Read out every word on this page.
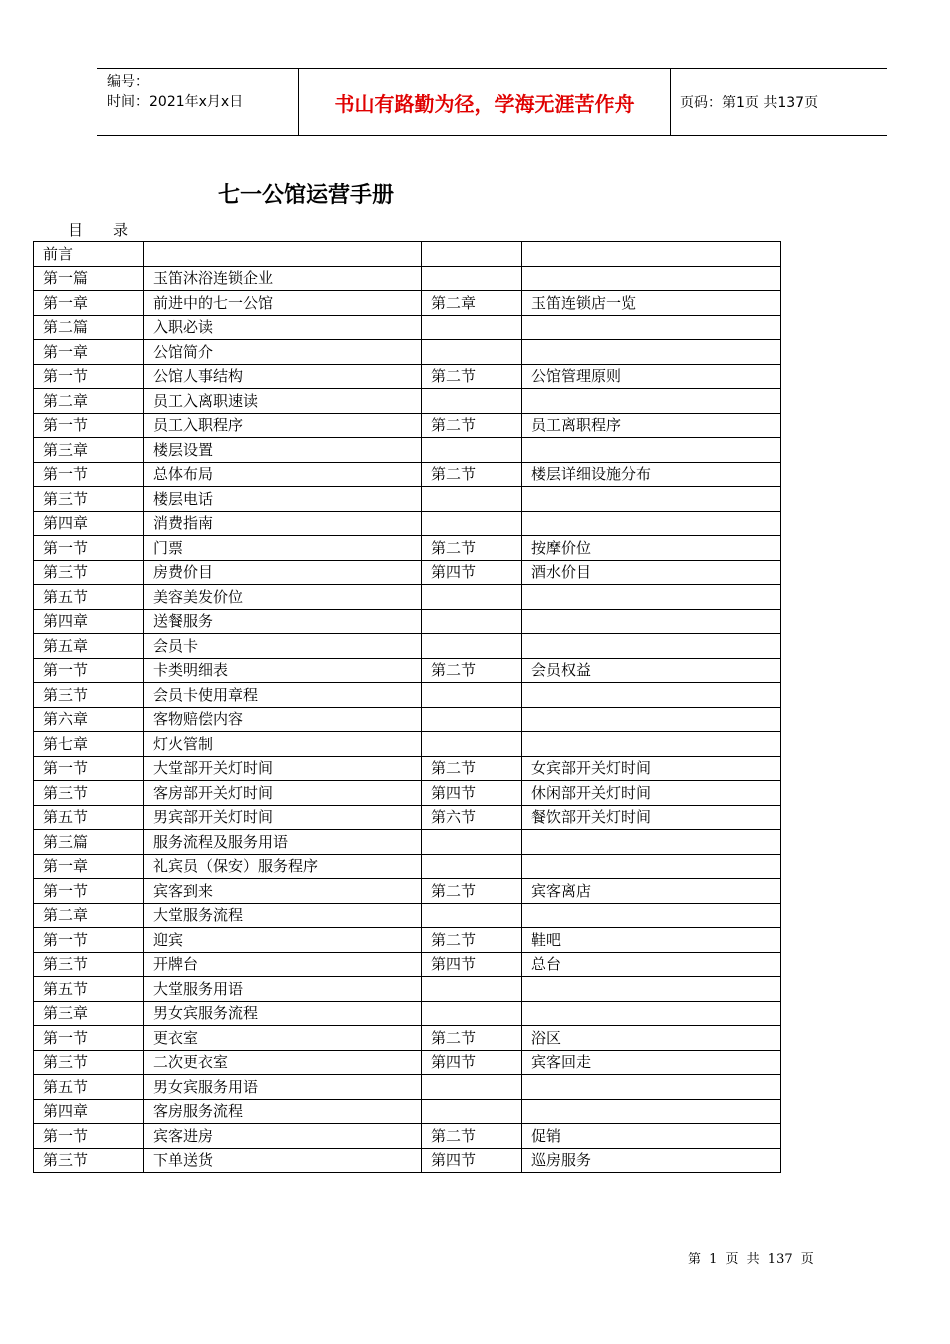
编号：
时间：2021年x月x日	书山有路勤为径，学海无涯苦作舟	页码：第1页 共137页
七一公馆运营手册
目录
前言			
第一篇	玉笛沐浴连锁企业		
第一章	前进中的七一公馆	第二章	玉笛连锁店一览
第二篇	入职必读		
第一章	公馆简介		
第一节	公馆人事结构	第二节	公馆管理原则
第二章	员工入离职速读		
第一节	员工入职程序	第二节	员工离职程序
第三章	楼层设置		
第一节	总体布局	第二节	楼层详细设施分布
第三节	楼层电话		
第四章	消费指南		
第一节	门票	第二节	按摩价位
第三节	房费价目	第四节	酒水价目
第五节	美容美发价位		
第四章	送餐服务		
第五章	会员卡		
第一节	卡类明细表	第二节	会员权益
第三节	会员卡使用章程		
第六章	客物赔偿内容		
第七章	灯火管制		
第一节	大堂部开关灯时间	第二节	女宾部开关灯时间
第三节	客房部开关灯时间	第四节	休闲部开关灯时间
第五节	男宾部开关灯时间	第六节	餐饮部开关灯时间
第三篇	服务流程及服务用语		
第一章	礼宾员（保安）服务程序		
第一节	宾客到来	第二节	宾客离店
第二章	大堂服务流程		
第一节	迎宾	第二节	鞋吧
第三节	开牌台	第四节	总台
第五节	大堂服务用语		
第三章	男女宾服务流程		
第一节	更衣室	第二节	浴区
第三节	二次更衣室	第四节	宾客回走
第五节	男女宾服务用语		
第四章	客房服务流程		
第一节	宾客进房	第二节	促销
第三节	下单送货	第四节	巡房服务
第 1 页 共 137 页
